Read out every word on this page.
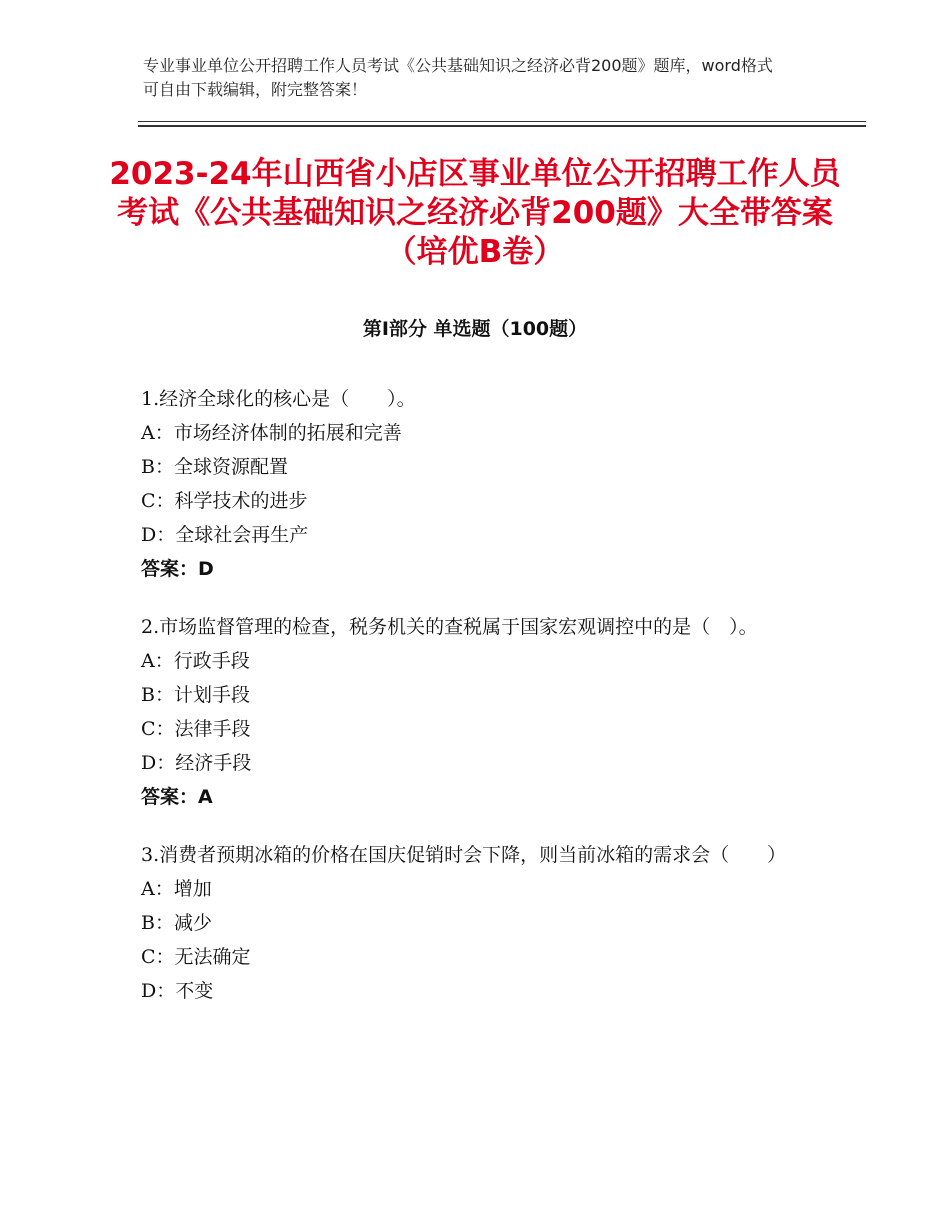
专业事业单位公开招聘工作人员考试《公共基础知识之经济必背200题》题库，word格式可自由下载编辑，附完整答案！

2023-24年山西省小店区事业单位公开招聘工作人员考试《公共基础知识之经济必背200题》大全带答案（培优B卷）
第Ⅰ部分 单选题（100题）

1.经济全球化的核心是（　　）。

A：市场经济体制的拓展和完善

B：全球资源配置

C：科学技术的进步

D：全球社会再生产

答案：D

2.市场监督管理的检查，税务机关的查税属于国家宏观调控中的是（　）。

A：行政手段

B：计划手段

C：法律手段

D：经济手段

答案：A

3.消费者预期冰箱的价格在国庆促销时会下降，则当前冰箱的需求会（　　）

A：增加

B：减少

C：无法确定

D：不变
